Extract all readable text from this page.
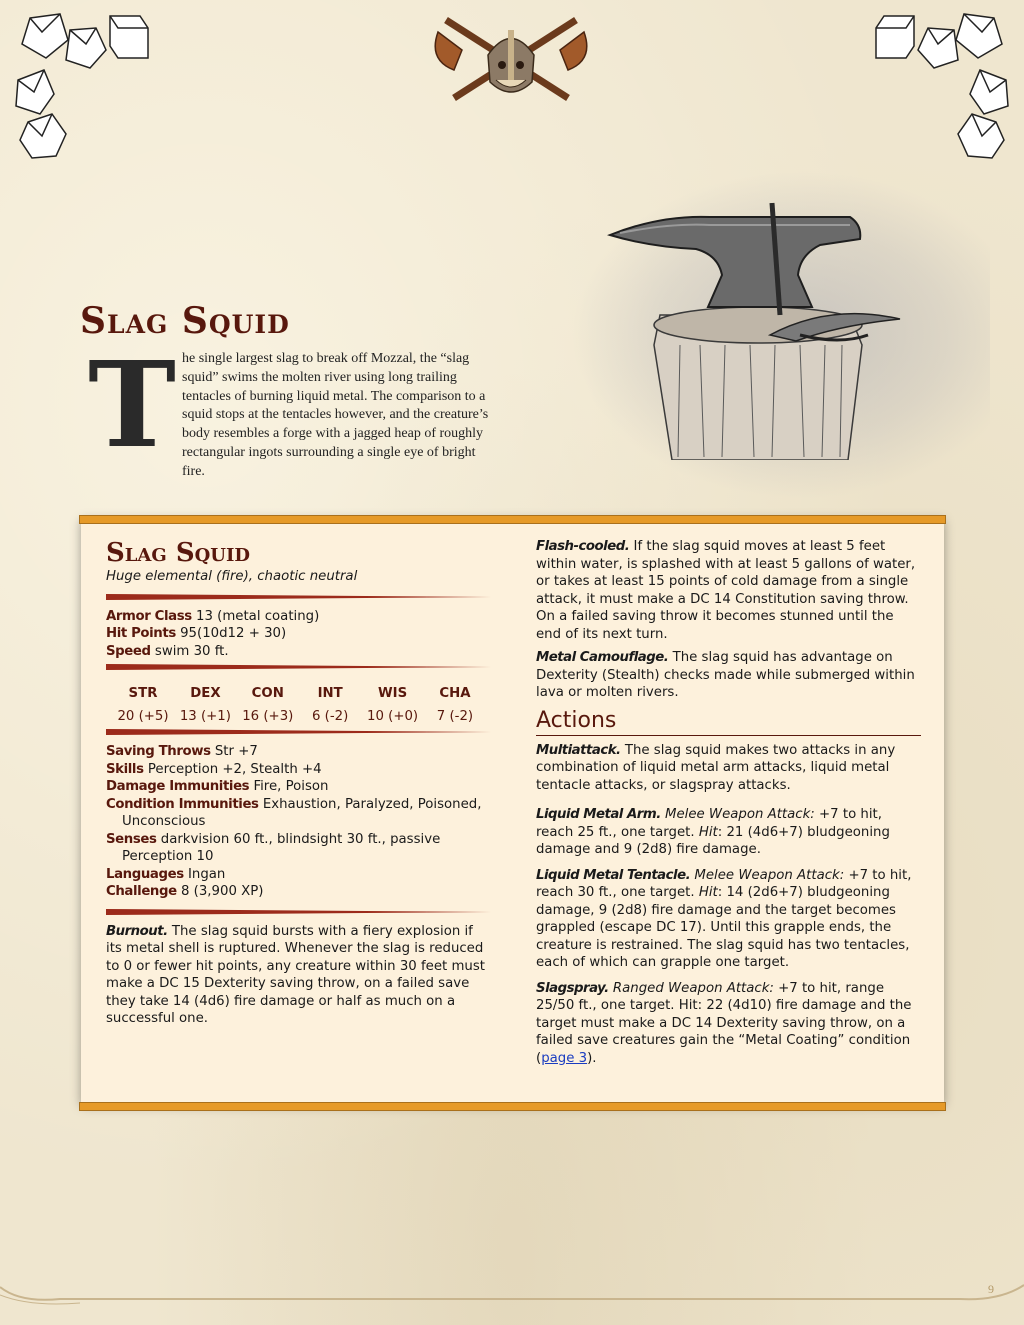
Slag Squid
T he single largest slag to break off Mozzal, the “slag squid” swims the molten river using long trailing tentacles of burning liquid metal. The comparison to a squid stops at the tentacles however, and the creature’s body resembles a forge with a jagged heap of roughly rectangular ingots surrounding a single eye of bright fire.
Slag Squid
Huge elemental (fire), chaotic neutral

Armor Class 13 (metal coating)

Hit Points 95(10d12 + 30)

Speed swim 30 ft.

STR
20 (+5)
DEX
13 (+1)
CON
16 (+3)
INT
6 (-2)
WIS
10 (+0)
CHA
7 (-2)

Saving Throws Str +7

Skills Perception +2, Stealth +4

Damage Immunities Fire, Poison

Condition Immunities Exhaustion, Paralyzed, Poisoned, Unconscious

Senses darkvision 60 ft., blindsight 30 ft., passive Perception 10

Languages Ingan

Challenge 8 (3,900 XP)

Burnout. The slag squid bursts with a fiery explosion if its metal shell is ruptured. Whenever the slag is reduced to 0 or fewer hit points, any creature within 30 feet must make a DC 15 Dexterity saving throw, on a failed save they take 14 (4d6) fire damage or half as much on a successful one.

Flash-cooled. If the slag squid moves at least 5 feet within water, is splashed with at least 5 gallons of water, or takes at least 15 points of cold damage from a single attack, it must make a DC 14 Constitution saving throw. On a failed saving throw it becomes stunned until the end of its next turn.

Metal Camouflage. The slag squid has advantage on Dexterity (Stealth) checks made while submerged within lava or molten rivers.

Actions

Multiattack. The slag squid makes two attacks in any combination of liquid metal arm attacks, liquid metal tentacle attacks, or slagspray attacks.

Liquid Metal Arm. Melee Weapon Attack: +7 to hit, reach 25 ft., one target. Hit: 21 (4d6+7) bludgeoning damage and 9 (2d8) fire damage.

Liquid Metal Tentacle. Melee Weapon Attack: +7 to hit, reach 30 ft., one target. Hit: 14 (2d6+7) bludgeoning damage, 9 (2d8) fire damage and the target becomes grappled (escape DC 17). Until this grapple ends, the creature is restrained. The slag squid has two tentacles, each of which can grapple one target.

Slagspray. Ranged Weapon Attack: +7 to hit, range 25/50 ft., one target. Hit: 22 (4d10) fire damage and the target must make a DC 14 Dexterity saving throw, on a failed save creatures gain the “Metal Coating” condition (page 3).

9
